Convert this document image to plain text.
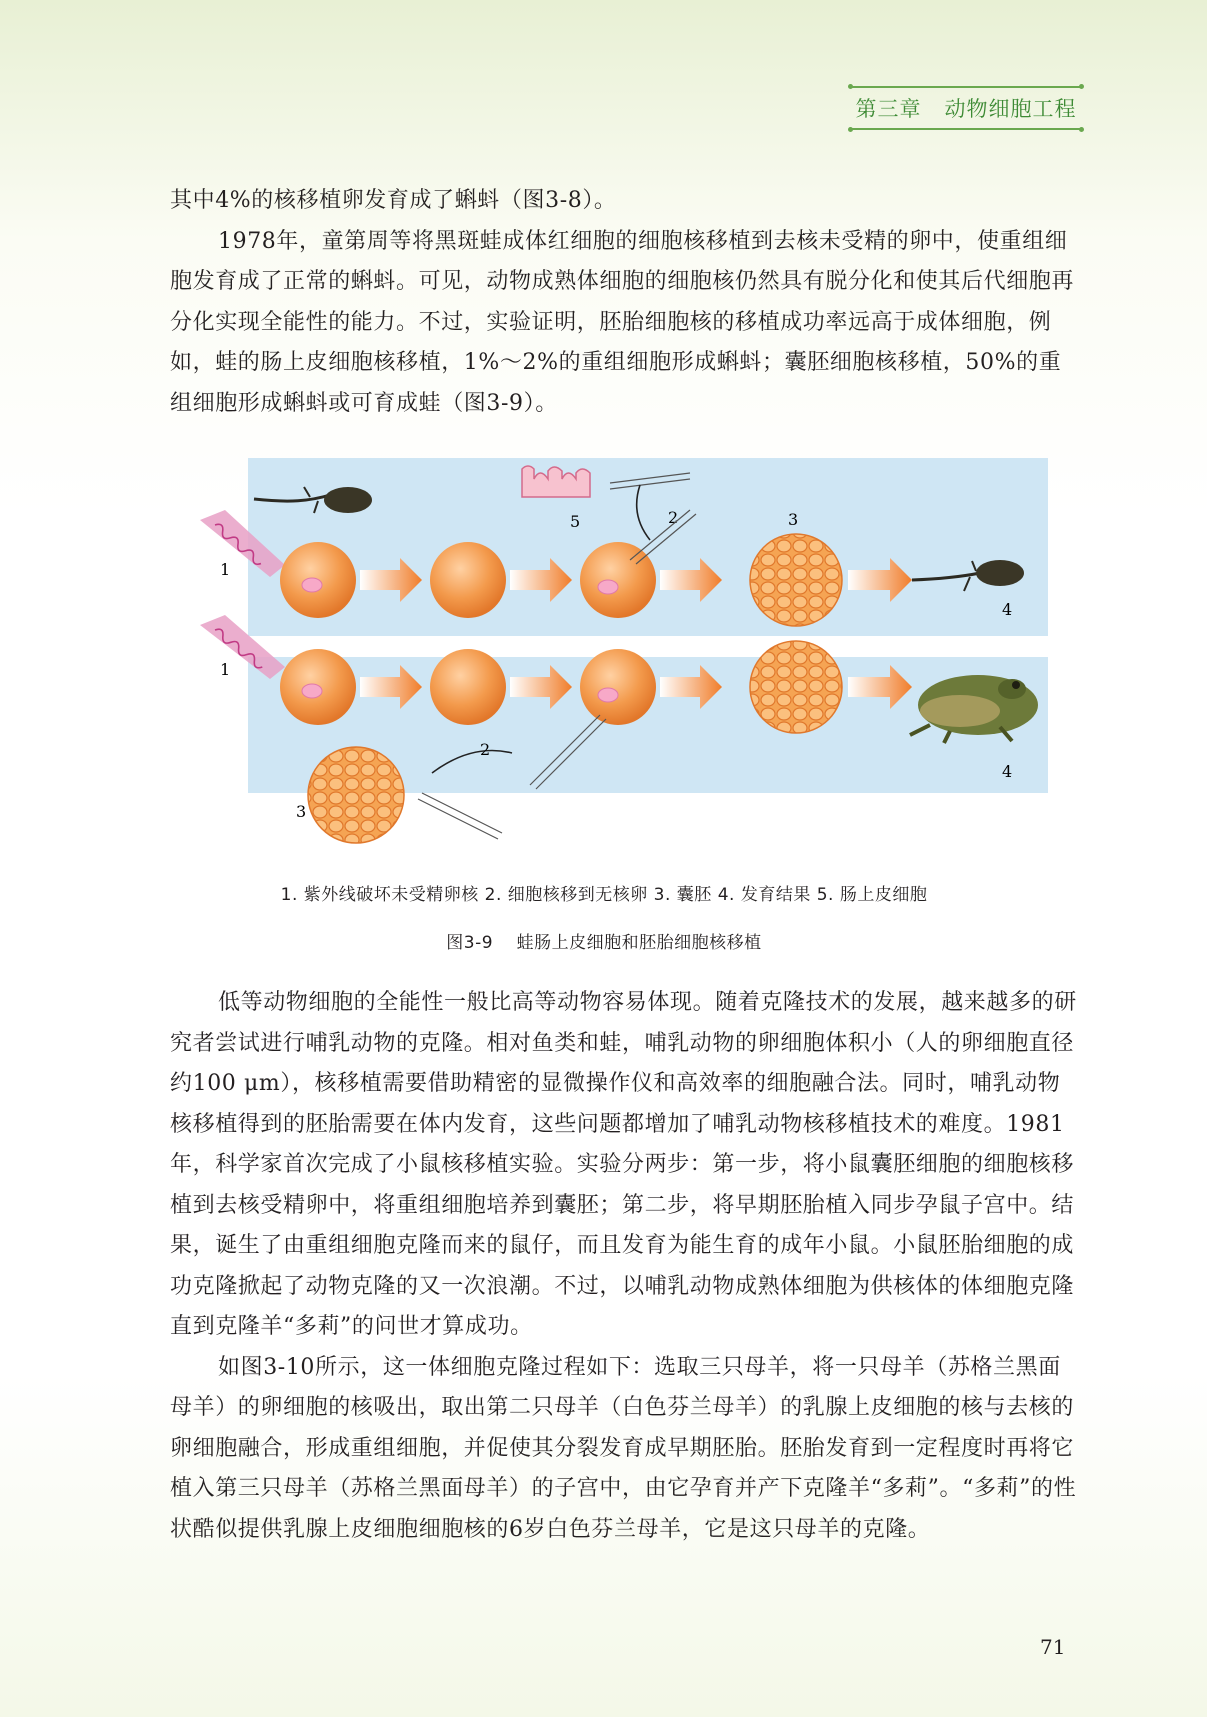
第三章   动物细胞工程

其中4%的核移植卵发育成了蝌蚪（图3-8）。

1978年，童第周等将黑斑蛙成体红细胞的细胞核移植到去核未受精的卵中，使重组细胞发育成了正常的蝌蚪。可见，动物成熟体细胞的细胞核仍然具有脱分化和使其后代细胞再分化实现全能性的能力。不过，实验证明，胚胎细胞核的移植成功率远高于成体细胞，例如，蛙的肠上皮细胞核移植，1%～2%的重组细胞形成蝌蚪；囊胚细胞核移植，50%的重组细胞形成蝌蚪或可育成蛙（图3-9）。

1
4
3
5	2
1
4
3
2
1. 紫外线破坏未受精卵核 2. 细胞核移到无核卵 3. 囊胚 4. 发育结果 5. 肠上皮细胞
图3-9    蛙肠上皮细胞和胚胎细胞核移植

低等动物细胞的全能性一般比高等动物容易体现。随着克隆技术的发展，越来越多的研究者尝试进行哺乳动物的克隆。相对鱼类和蛙，哺乳动物的卵细胞体积小（人的卵细胞直径约100 μm），核移植需要借助精密的显微操作仪和高效率的细胞融合法。同时，哺乳动物核移植得到的胚胎需要在体内发育，这些问题都增加了哺乳动物核移植技术的难度。1981年，科学家首次完成了小鼠核移植实验。实验分两步：第一步，将小鼠囊胚细胞的细胞核移植到去核受精卵中，将重组细胞培养到囊胚；第二步，将早期胚胎植入同步孕鼠子宫中。结果，诞生了由重组细胞克隆而来的鼠仔，而且发育为能生育的成年小鼠。小鼠胚胎细胞的成功克隆掀起了动物克隆的又一次浪潮。不过，以哺乳动物成熟体细胞为供核体的体细胞克隆直到克隆羊“多莉”的问世才算成功。

如图3-10所示，这一体细胞克隆过程如下：选取三只母羊，将一只母羊（苏格兰黑面母羊）的卵细胞的核吸出，取出第二只母羊（白色芬兰母羊）的乳腺上皮细胞的核与去核的卵细胞融合，形成重组细胞，并促使其分裂发育成早期胚胎。胚胎发育到一定程度时再将它植入第三只母羊（苏格兰黑面母羊）的子宫中，由它孕育并产下克隆羊“多莉”。“多莉”的性状酷似提供乳腺上皮细胞细胞核的6岁白色芬兰母羊，它是这只母羊的克隆。

71
